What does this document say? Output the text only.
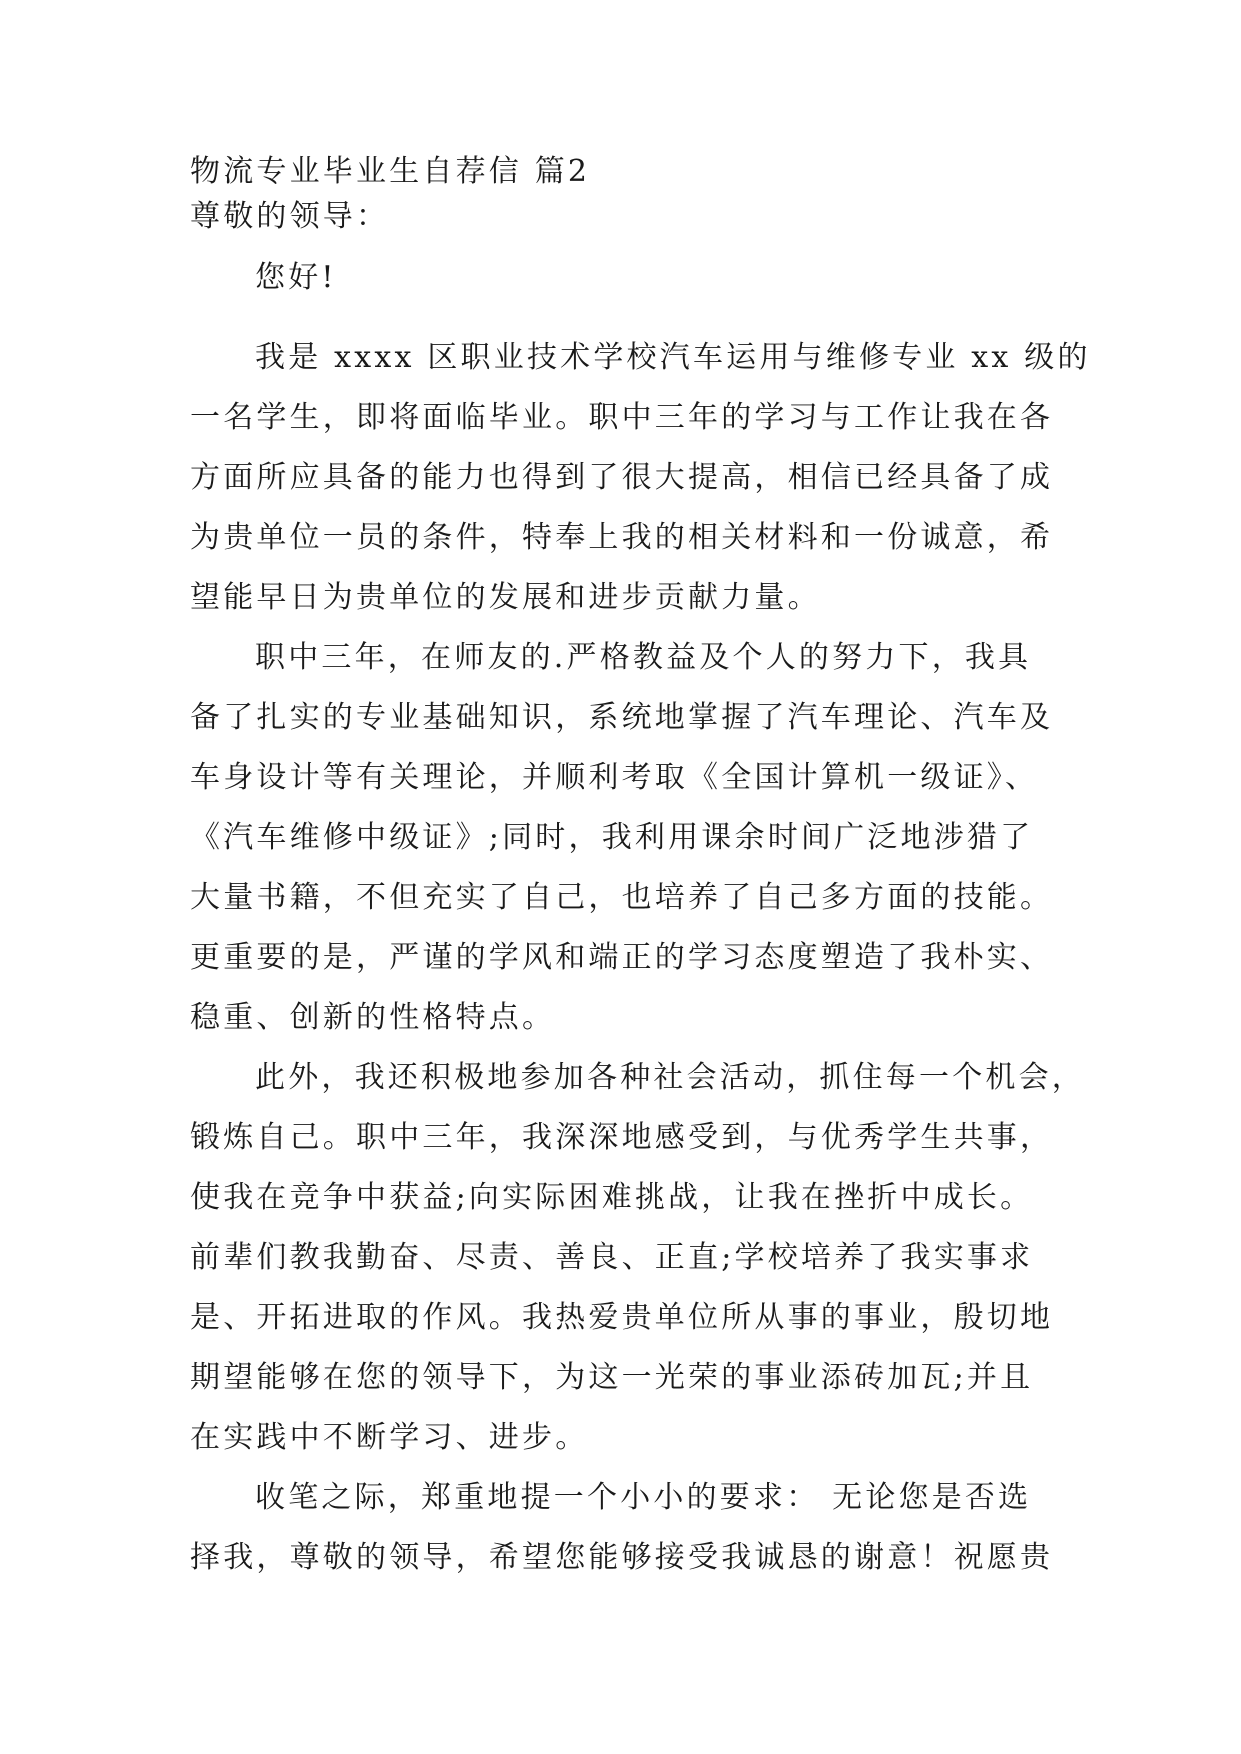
物流专业毕业生自荐信 篇2
尊敬的领导：
您好!
我是 xxxx 区职业技术学校汽车运用与维修专业 xx 级的
一名学生，即将面临毕业。职中三年的学习与工作让我在各
方面所应具备的能力也得到了很大提高，相信已经具备了成
为贵单位一员的条件，特奉上我的相关材料和一份诚意，希
望能早日为贵单位的发展和进步贡献力量。
职中三年，在师友的.严格教益及个人的努力下，我具
备了扎实的专业基础知识，系统地掌握了汽车理论、汽车及
车身设计等有关理论，并顺利考取《全国计算机一级证》、
《汽车维修中级证》;同时，我利用课余时间广泛地涉猎了
大量书籍，不但充实了自己，也培养了自己多方面的技能。
更重要的是，严谨的学风和端正的学习态度塑造了我朴实、
稳重、创新的性格特点。
此外，我还积极地参加各种社会活动，抓住每一个机会，
锻炼自己。职中三年，我深深地感受到，与优秀学生共事，
使我在竞争中获益;向实际困难挑战，让我在挫折中成长。
前辈们教我勤奋、尽责、善良、正直;学校培养了我实事求
是、开拓进取的作风。我热爱贵单位所从事的事业，殷切地
期望能够在您的领导下，为这一光荣的事业添砖加瓦;并且
在实践中不断学习、进步。
收笔之际，郑重地提一个小小的要求： 无论您是否选
择我，尊敬的领导，希望您能够接受我诚恳的谢意！祝愿贵
